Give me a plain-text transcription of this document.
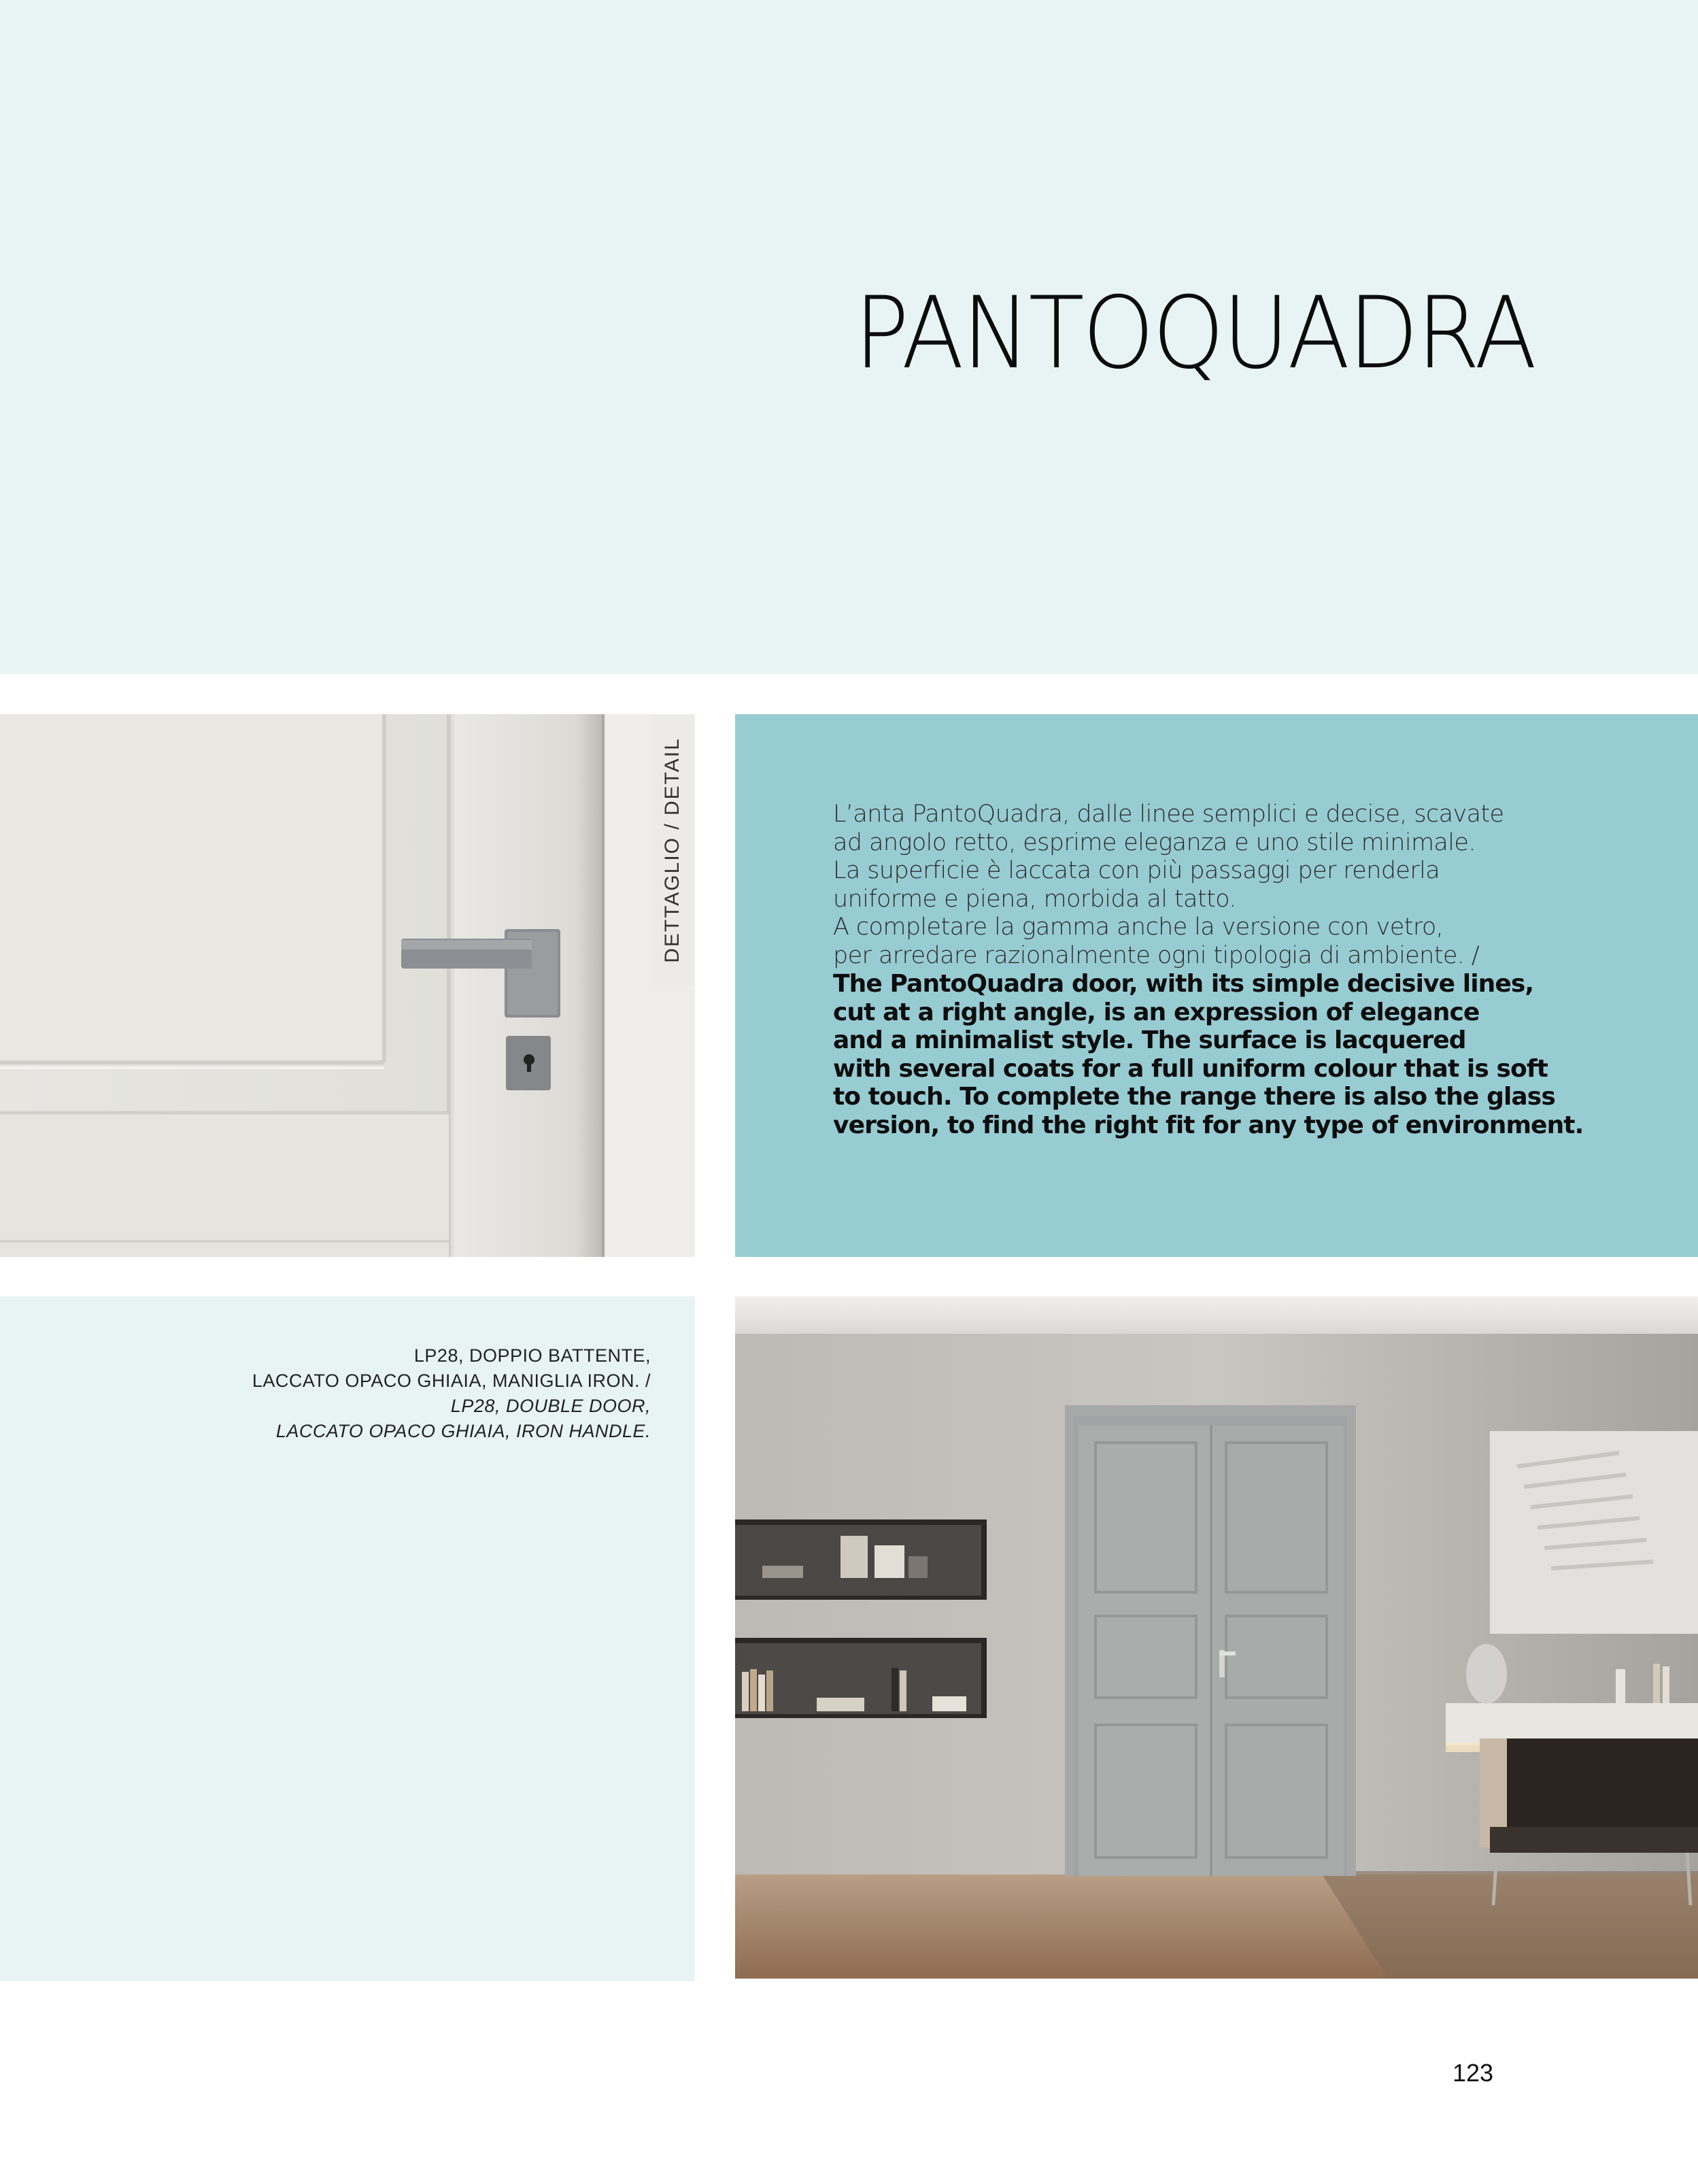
PANTOQUADRA
DETTAGLIO / DETAIL	L’anta PantoQuadra, dalle linee semplici e decise, scavate
ad angolo retto, esprime eleganza e uno stile minimale.
La superficie è laccata con più passaggi per renderla
uniforme e piena, morbida al tatto.
A completare la gamma anche la versione con vetro,
per arredare razionalmente ogni tipologia di ambiente. /
The PantoQuadra door, with its simple decisive lines,
cut at a right angle, is an expression of elegance
and a minimalist style. The surface is lacquered
with several coats for a full uniform colour that is soft
to touch. To complete the range there is also the glass
version, to find the right fit for any type of environment.
LP28, DOPPIO BATTENTE,
LACCATO OPACO GHIAIA, MANIGLIA IRON. /
LP28, DOUBLE DOOR,
LACCATO OPACO GHIAIA, IRON HANDLE.
123
